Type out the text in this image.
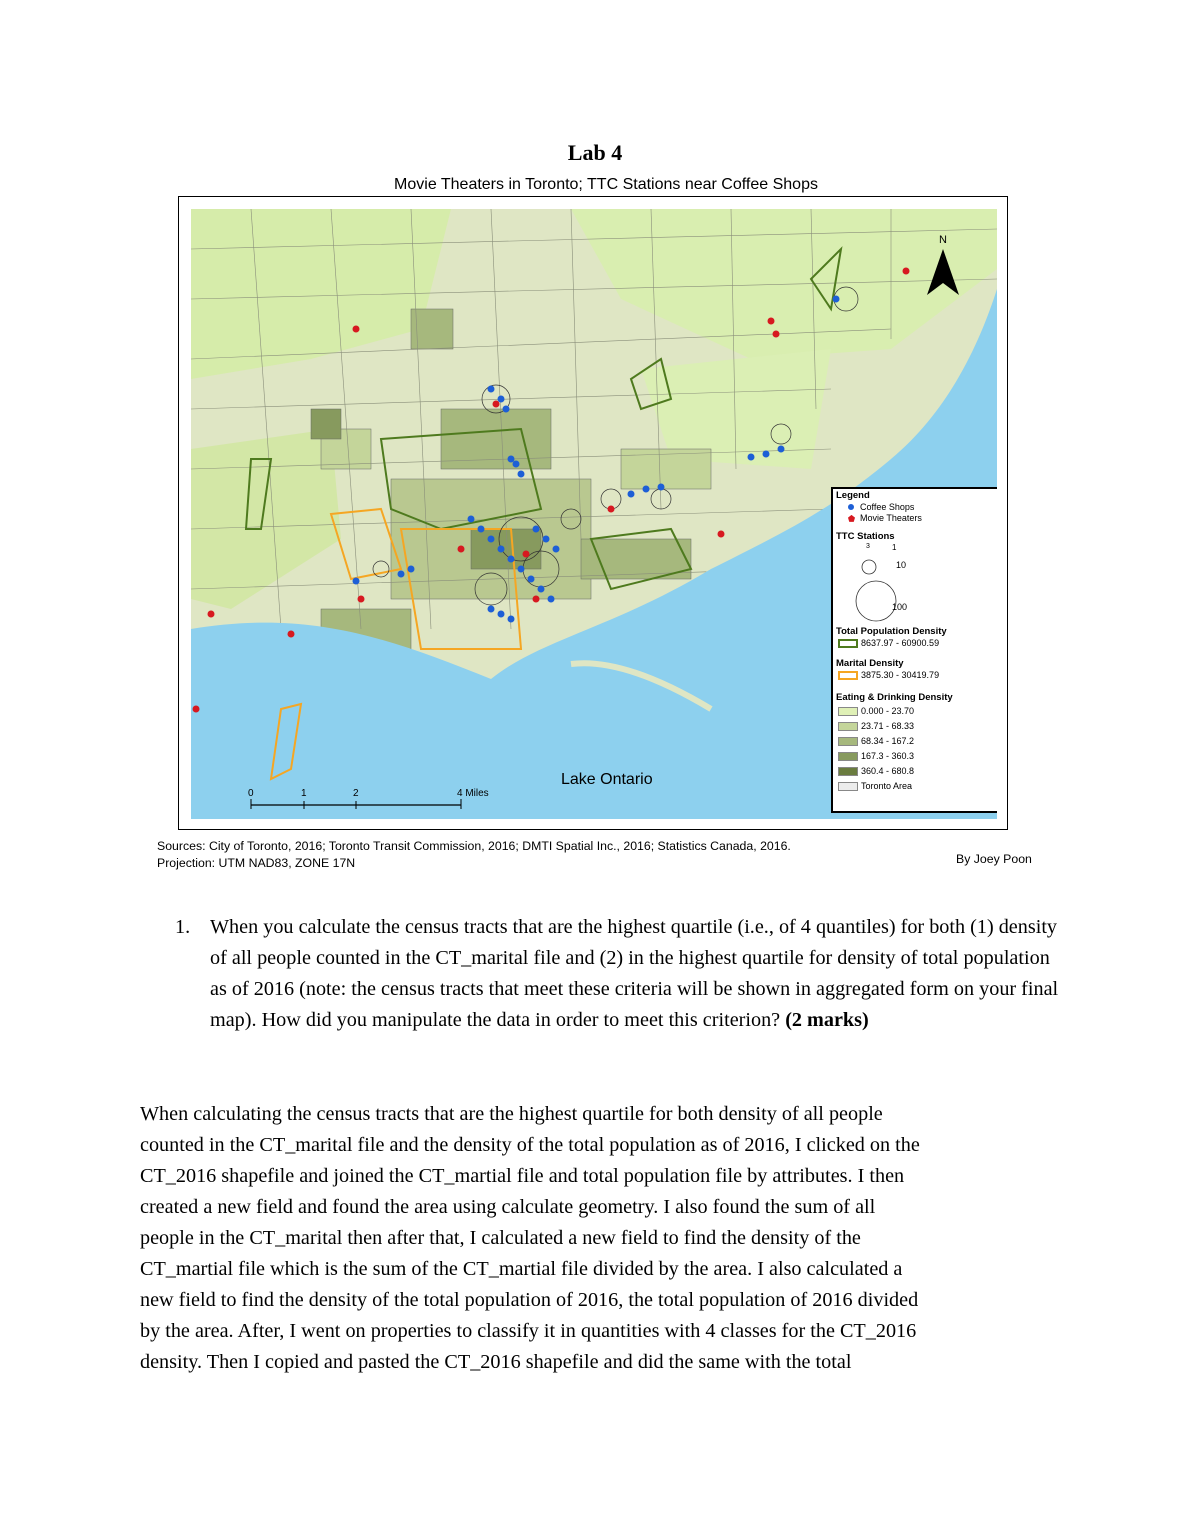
Lab 4
Movie Theaters in Toronto; TTC Stations near Coffee Shops
N
Lake Ontario
0	1	2	4 Miles
Legend
Coffee Shops
Movie Theaters
TTC Stations
3	1
10
100
Total Population Density
8637.97 - 60900.59
Marital Density
3875.30 - 30419.79
Eating & Drinking Density
0.000 - 23.70
23.71 - 68.33
68.34 - 167.2
167.3 - 360.3
360.4 - 680.8
Toronto Area
Sources: City of Toronto, 2016; Toronto Transit Commission, 2016; DMTI Spatial Inc., 2016; Statistics Canada, 2016.
Projection: UTM NAD83, ZONE 17N	By Joey Poon
1. When you calculate the census tracts that are the highest quartile (i.e., of 4 quantiles) for both (1) density of all people counted in the CT_marital file and (2) in the highest quartile for density of total population as of 2016 (note: the census tracts that meet these criteria will be shown in aggregated form on your final map). How did you manipulate the data in order to meet this criterion? (2 marks)
When calculating the census tracts that are the highest quartile for both density of all people
counted in the CT_marital file and the density of the total population as of 2016, I clicked on the
CT_2016 shapefile and joined the CT_martial file and total population file by attributes. I then
created a new field and found the area using calculate geometry. I also found the sum of all
people in the CT_marital then after that, I calculated a new field to find the density of the
CT_martial file which is the sum of the CT_martial file divided by the area. I also calculated a
new field to find the density of the total population of 2016, the total population of 2016 divided
by the area. After, I went on properties to classify it in quantities with 4 classes for the CT_2016
density. Then I copied and pasted the CT_2016 shapefile and did the same with the total
